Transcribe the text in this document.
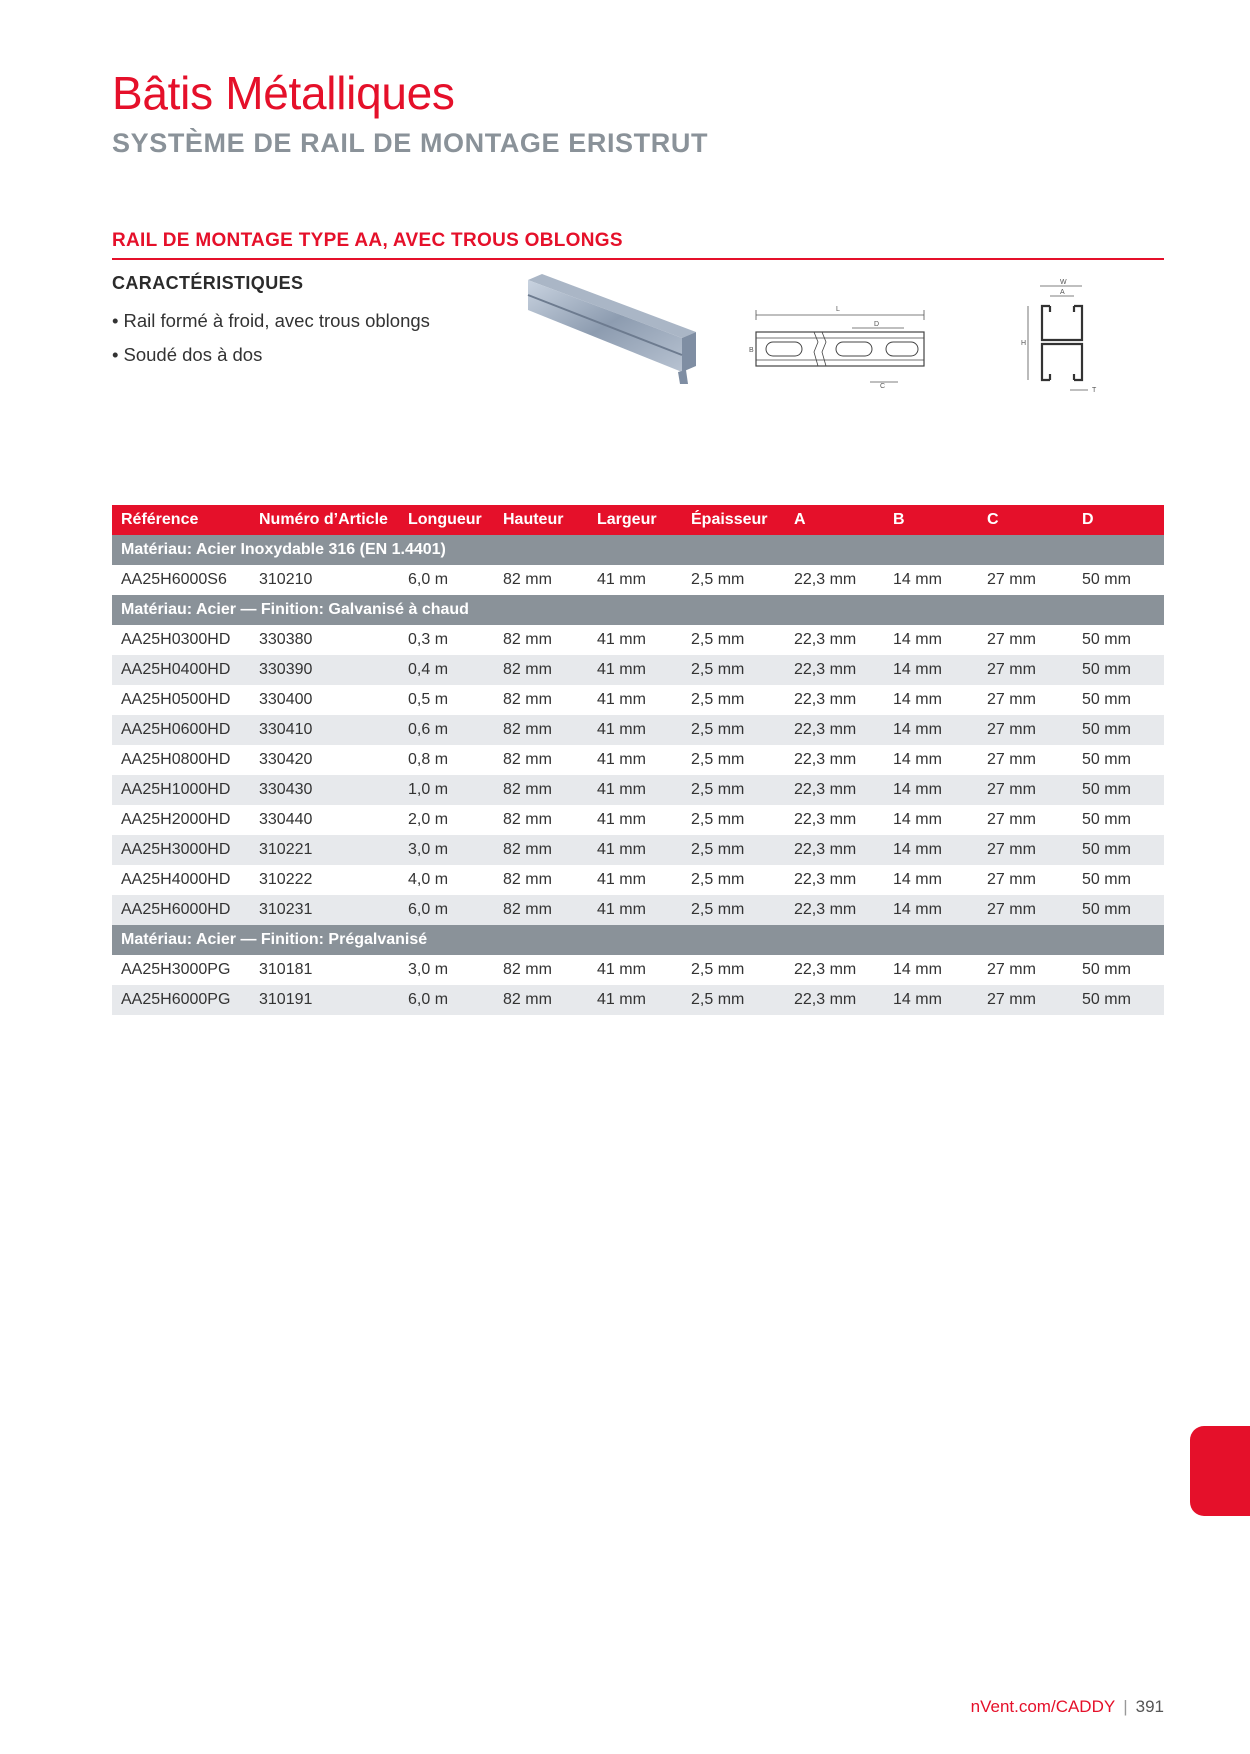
Bâtis Métalliques
SYSTÈME DE RAIL DE MONTAGE ERISTRUT
RAIL DE MONTAGE TYPE AA, AVEC TROUS OBLONGS
CARACTÉRISTIQUES
• Rail formé à froid, avec trous oblongs
• Soudé dos à dos
L
D
B
C
W
A
H
T
Référence	Numéro d’Article	Longueur	Hauteur	Largeur	Épaisseur	A	B	C	D
Matériau: Acier Inoxydable 316 (EN 1.4401)									
AA25H6000S6	310210	6,0 m	82 mm	41 mm	2,5 mm	22,3 mm	14 mm	27 mm	50 mm
Matériau: Acier — Finition: Galvanisé à chaud									
AA25H0300HD	330380	0,3 m	82 mm	41 mm	2,5 mm	22,3 mm	14 mm	27 mm	50 mm
AA25H0400HD	330390	0,4 m	82 mm	41 mm	2,5 mm	22,3 mm	14 mm	27 mm	50 mm
AA25H0500HD	330400	0,5 m	82 mm	41 mm	2,5 mm	22,3 mm	14 mm	27 mm	50 mm
AA25H0600HD	330410	0,6 m	82 mm	41 mm	2,5 mm	22,3 mm	14 mm	27 mm	50 mm
AA25H0800HD	330420	0,8 m	82 mm	41 mm	2,5 mm	22,3 mm	14 mm	27 mm	50 mm
AA25H1000HD	330430	1,0 m	82 mm	41 mm	2,5 mm	22,3 mm	14 mm	27 mm	50 mm
AA25H2000HD	330440	2,0 m	82 mm	41 mm	2,5 mm	22,3 mm	14 mm	27 mm	50 mm
AA25H3000HD	310221	3,0 m	82 mm	41 mm	2,5 mm	22,3 mm	14 mm	27 mm	50 mm
AA25H4000HD	310222	4,0 m	82 mm	41 mm	2,5 mm	22,3 mm	14 mm	27 mm	50 mm
AA25H6000HD	310231	6,0 m	82 mm	41 mm	2,5 mm	22,3 mm	14 mm	27 mm	50 mm
Matériau: Acier — Finition: Prégalvanisé									
AA25H3000PG	310181	3,0 m	82 mm	41 mm	2,5 mm	22,3 mm	14 mm	27 mm	50 mm
AA25H6000PG	310191	6,0 m	82 mm	41 mm	2,5 mm	22,3 mm	14 mm	27 mm	50 mm
nVent.com/CADDY | 391
